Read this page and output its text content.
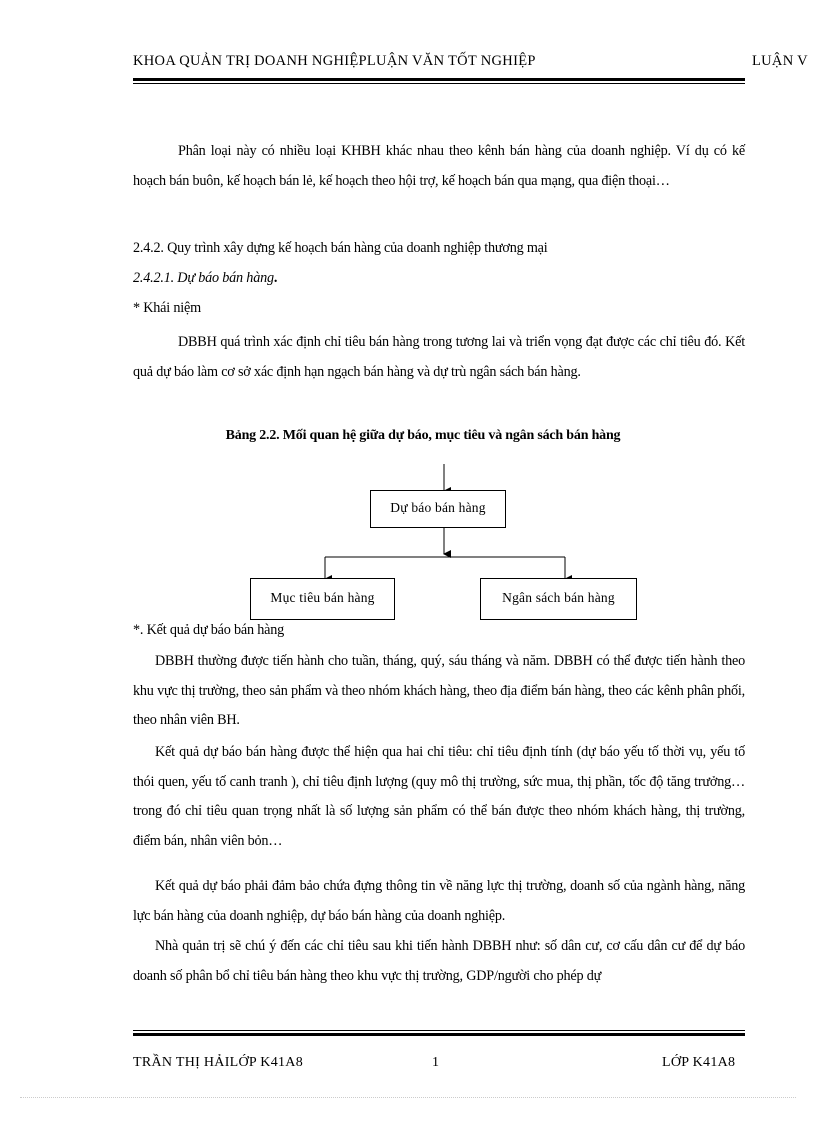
KHOA QUẢN TRỊ DOANH NGHIỆPLUẬN VĂN TỐT NGHIỆP	LUẬN V
Phân loại này có nhiều loại KHBH khác nhau theo kênh bán hàng của doanh nghiệp. Ví dụ có kế hoạch bán buôn, kế hoạch bán lẻ, kế hoạch theo hội trợ, kế hoạch bán qua mạng, qua điện thoại…
2.4.2. Quy trình xây dựng kế hoạch bán hàng của doanh nghiệp thương mại
2.4.2.1. Dự báo bán hàng.
* Khái niệm
DBBH quá trình xác định chỉ tiêu bán hàng trong tương lai và triển vọng đạt được các chỉ tiêu đó. Kết quả dự báo làm cơ sở xác định hạn ngạch bán hàng và dự trù ngân sách bán hàng.
Bảng 2.2. Mối quan hệ giữa dự báo, mục tiêu và ngân sách bán hàng
Dự báo bán hàng
Mục tiêu bán hàng	Ngân sách bán hàng
*. Kết quả dự báo bán hàng
DBBH thường được tiến hành cho tuần, tháng, quý, sáu tháng và năm. DBBH có thể được tiến hành theo khu vực thị trường, theo sản phẩm và theo nhóm khách hàng, theo địa điểm bán hàng, theo các kênh phân phối, theo nhân viên BH.
Kết quả dự báo bán hàng được thể hiện qua hai chỉ tiêu: chỉ tiêu định tính (dự báo yếu tố thời vụ, yếu tố thói quen, yếu tố canh tranh ), chỉ tiêu định lượng (quy mô thị trường, sức mua, thị phần, tốc độ tăng trưởng…trong đó chỉ tiêu quan trọng nhất là số lượng sản phẩm có thể bán được theo nhóm khách hàng, thị trường, điểm bán, nhân viên bỏn…
Kết quả dự báo phải đảm bảo chứa đựng thông tin về năng lực thị trường, doanh số của ngành hàng, năng lực bán hàng của doanh nghiệp, dự báo bán hàng của doanh nghiệp.
Nhà quản trị sẽ chú ý đến các chỉ tiêu sau khi tiến hành DBBH như: số dân cư, cơ cấu dân cư để dự báo doanh số phân bổ chỉ tiêu bán hàng theo khu vực thị trường, GDP/người cho phép dự
TRẦN THỊ HẢILỚP K41A8	1	LỚP K41A8
